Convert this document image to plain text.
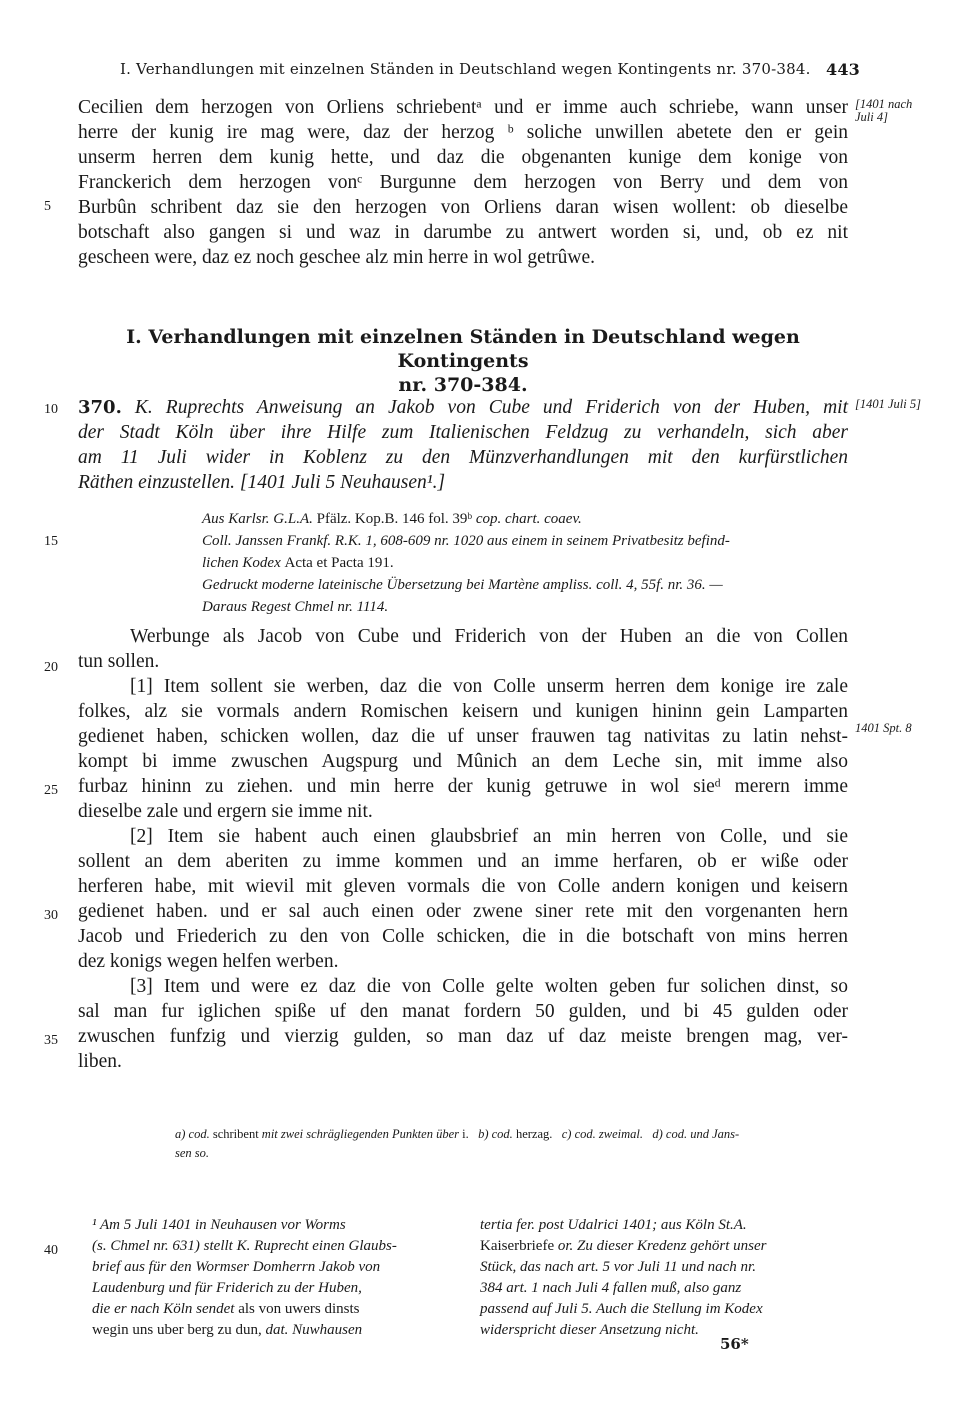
I. Verhandlungen mit einzelnen Ständen in Deutschland wegen Kontingents nr. 370-384. 443
Cecilien dem herzogen von Orliens schriebentᵃ und er imme auch schriebe, wann unser
herre der kunig ire mag were, daz der herzog ᵇ soliche unwillen abetete den er gein
unserm herren dem kunig hette, und daz die obgenanten kunige dem konige von
Franckerich dem herzogen vonᶜ Burgunne dem herzogen von Berry und dem von
Burbûn schribent daz sie den herzogen von Orliens daran wisen wollent: ob dieselbe
botschaft also gangen si und waz in darumbe zu antwert worden si, und, ob ez nit
gescheen were, daz ez noch geschee alz min herre in wol getrûwe.
5
10
15
20
25
30
35
40
[1401 nach Juli 4]
[1401 Juli 5]
1401 Spt. 8
I. Verhandlungen mit einzelnen Ständen in Deutschland wegen Kontingents
nr. 370-384.
370. K. Ruprechts Anweisung an Jakob von Cube und Friderich von der Huben, mit
der Stadt Köln über ihre Hilfe zum Italienischen Feldzug zu verhandeln, sich aber
am 11 Juli wider in Koblenz zu den Münzverhandlungen mit den kurfürstlichen
Räthen einzustellen. [1401 Juli 5 Neuhausen¹.]
Aus Karlsr. G.L.A. Pfälz. Kop.B. 146 fol. 39ᵇ cop. chart. coaev.
Coll. Janssen Frankf. R.K. 1, 608-609 nr. 1020 aus einem in seinem Privatbesitz befind-
lichen Kodex Acta et Pacta 191.
Gedruckt moderne lateinische Übersetzung bei Martène ampliss. coll. 4, 55f. nr. 36. —
Daraus Regest Chmel nr. 1114.
Werbunge als Jacob von Cube und Friderich von der Huben an die von Collen
tun sollen.
[1] Item sollent sie werben, daz die von Colle unserm herren dem konige ire zale
folkes, alz sie vormals andern Romischen keisern und kunigen hininn gein Lamparten
gedienet haben, schicken wollen, daz die uf unser frauwen tag nativitas zu latin nehst-
kompt bi imme zwuschen Augspurg und Mûnich an dem Leche sin, mit imme also
furbaz hininn zu ziehen. und min herre der kunig getruwe in wol sieᵈ merern imme
dieselbe zale und ergern sie imme nit.
[2] Item sie habent auch einen glaubsbrief an min herren von Colle, und sie
sollent an dem aberiten zu imme kommen und an imme herfaren, ob er wiße oder
herferen habe, mit wievil mit gleven vormals die von Colle andern konigen und keisern
gedienet haben. und er sal auch einen oder zwene siner rete mit den vorgenanten hern
Jacob und Friederich zu den von Colle schicken, die in die botschaft von mins herren
dez konigs wegen helfen werben.
[3] Item und were ez daz die von Colle gelte wolten geben fur solichen dinst, so
sal man fur iglichen spiße uf den manat fordern 50 gulden, und bi 45 gulden oder
zwuschen funfzig und vierzig gulden, so man daz uf daz meiste brengen mag, ver-
liben.
a) cod. schribent mit zwei schrägliegenden Punkten über i. b) cod. herzag. c) cod. zweimal. d) cod. und Jans-
sen so.
¹ Am 5 Juli 1401 in Neuhausen vor Worms
(s. Chmel nr. 631) stellt K. Ruprecht einen Glaubs-
brief aus für den Wormser Domherrn Jakob von
Laudenburg und für Friderich zu der Huben,
die er nach Köln sendet als von uwers dinsts
wegin uns uber berg zu dun, dat. Nuwhausen
tertia fer. post Udalrici 1401; aus Köln St.A.
Kaiserbriefe or. Zu dieser Kredenz gehört unser
Stück, das nach art. 5 vor Juli 11 und nach nr.
384 art. 1 nach Juli 4 fallen muß, also ganz
passend auf Juli 5. Auch die Stellung im Kodex
widerspricht dieser Ansetzung nicht.
56*
